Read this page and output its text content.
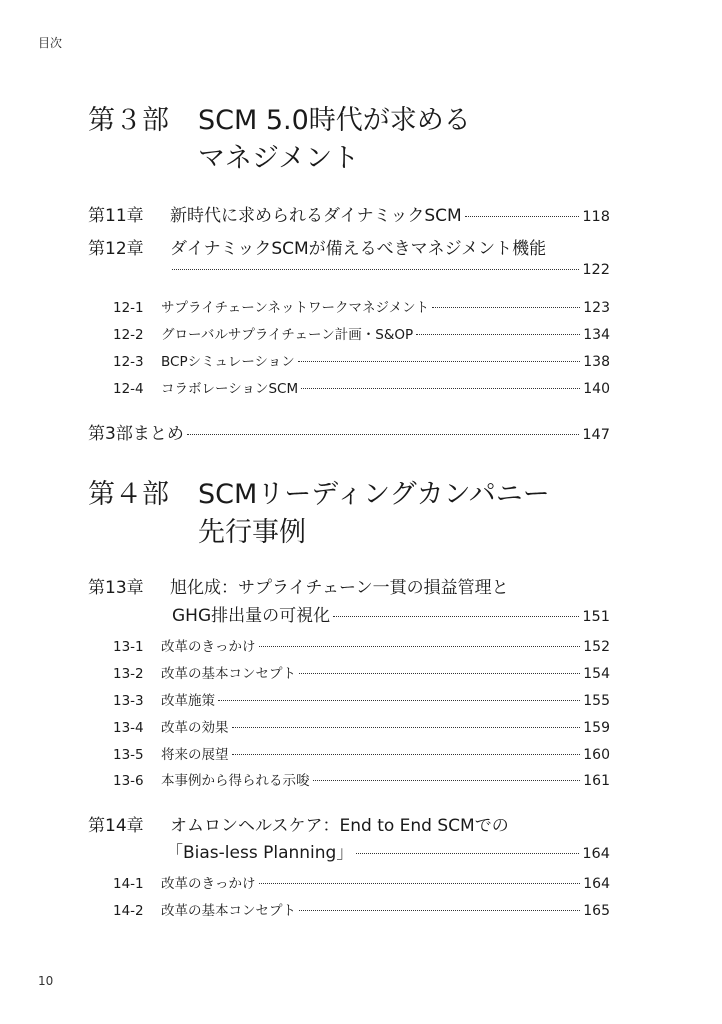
目次
第３部	SCM 5.0時代が求める
マネジメント
第11章	新時代に求められるダイナミックSCM	118
第12章	ダイナミックSCMが備えるべきマネジメント機能
122
12-1	サプライチェーンネットワークマネジメント	123
12-2	グローバルサプライチェーン計画・S&OP	134
12-3	BCPシミュレーション	138
12-4	コラボレーションSCM	140
第3部まとめ	147
第４部	SCMリーディングカンパニー
先行事例
第13章	旭化成：サプライチェーン一貫の損益管理と
GHG排出量の可視化	151
13-1	改革のきっかけ	152
13-2	改革の基本コンセプト	154
13-3	改革施策	155
13-4	改革の効果	159
13-5	将来の展望	160
13-6	本事例から得られる示唆	161
第14章	オムロンヘルスケア：End to End SCMでの
「Bias-less Planning」	164
14-1	改革のきっかけ	164
14-2	改革の基本コンセプト	165
10
